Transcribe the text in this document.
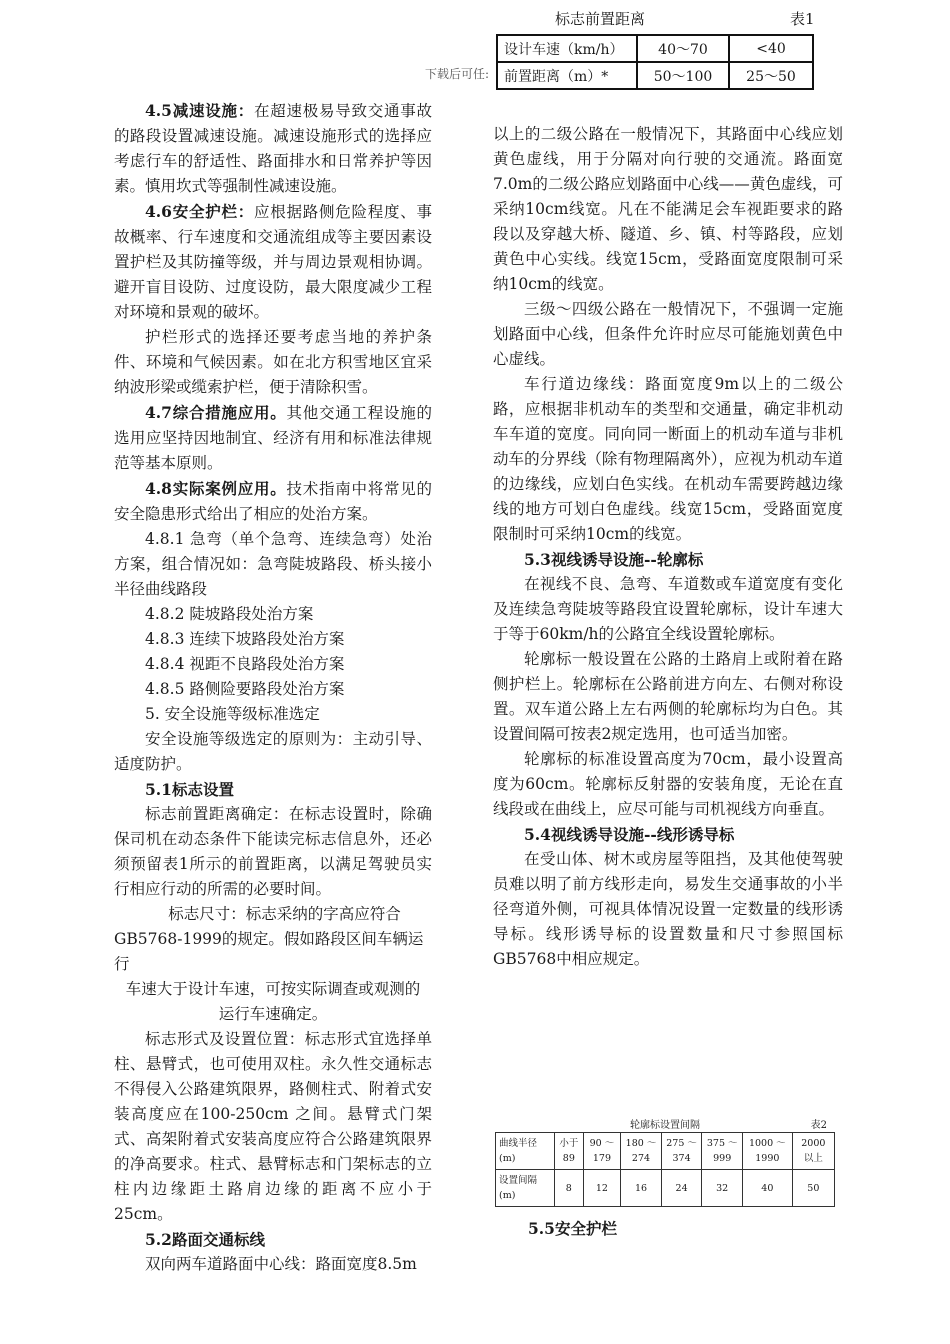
标志前置距离	表1
设计车速（km/h）	40～70	<40
前置距离（m）*	50～100	25～50
下载后可任:

4.5减速设施：在超速极易导致交通事故的路段设置减速设施。减速设施形式的选择应考虑行车的舒适性、路面排水和日常养护等因素。慎用坎式等强制性减速设施。

4.6安全护栏：应根据路侧危险程度、事故概率、行车速度和交通流组成等主要因素设置护栏及其防撞等级，并与周边景观相协调。避开盲目设防、过度设防，最大限度减少工程对环境和景观的破坏。

护栏形式的选择还要考虑当地的养护条件、环境和气候因素。如在北方积雪地区宜采纳波形梁或缆索护栏，便于清除积雪。

4.7综合措施应用。其他交通工程设施的选用应坚持因地制宜、经济有用和标准法律规范等基本原则。

4.8实际案例应用。技术指南中将常见的安全隐患形式给出了相应的处治方案。

4.8.1 急弯（单个急弯、连续急弯）处治方案，组合情况如：急弯陡坡路段、桥头接小半径曲线路段

4.8.2 陡坡路段处治方案

4.8.3 连续下坡路段处治方案

4.8.4 视距不良路段处治方案

4.8.5 路侧险要路段处治方案

5. 安全设施等级标准选定

安全设施等级选定的原则为：主动引导、适度防护。

5.1标志设置

标志前置距离确定：在标志设置时，除确保司机在动态条件下能读完标志信息外，还必须预留表1所示的前置距离，以满足驾驶员实行相应行动的所需的必要时间。

标志尺寸：标志采纳的字高应符合

GB5768-1999的规定。假如路段区间车辆运行

车速大于设计车速，可按实际调查或观测的

运行车速确定。

标志形式及设置位置：标志形式宜选择单柱、悬臂式，也可使用双柱。永久性交通标志不得侵入公路建筑限界，路侧柱式、附着式安装高度应在100-250cm 之间。悬臂式门架式、高架附着式安装高度应符合公路建筑限界的净高要求。柱式、悬臂标志和门架标志的立柱内边缘距土路肩边缘的距离不应小于25cm。

5.2路面交通标线

双向两车道路面中心线：路面宽度8.5m

以上的二级公路在一般情况下，其路面中心线应划黄色虚线，用于分隔对向行驶的交通流。路面宽7.0m的二级公路应划路面中心线——黄色虚线，可采纳10cm线宽。凡在不能满足会车视距要求的路段以及穿越大桥、隧道、乡、镇、村等路段，应划黄色中心实线。线宽15cm，受路面宽度限制可采纳10cm的线宽。

三级～四级公路在一般情况下，不强调一定施划路面中心线，但条件允许时应尽可能施划黄色中心虚线。

车行道边缘线：路面宽度9m以上的二级公路，应根据非机动车的类型和交通量，确定非机动车车道的宽度。同向同一断面上的机动车道与非机动车的分界线（除有物理隔离外），应视为机动车道的边缘线，应划白色实线。在机动车需要跨越边缘线的地方可划白色虚线。线宽15cm，受路面宽度限制时可采纳10cm的线宽。

5.3视线诱导设施--轮廓标

在视线不良、急弯、车道数或车道宽度有变化及连续急弯陡坡等路段宜设置轮廓标，设计车速大于等于60km/h的公路宜全线设置轮廓标。

轮廓标一般设置在公路的土路肩上或附着在路侧护栏上。轮廓标在公路前进方向左、右侧对称设置。双车道公路上左右两侧的轮廓标均为白色。其设置间隔可按表2规定选用，也可适当加密。

轮廓标的标准设置高度为70cm，最小设置高度为60cm。轮廓标反射器的安装角度，无论在直线段或在曲线上，应尽可能与司机视线方向垂直。

5.4视线诱导设施--线形诱导标

在受山体、树木或房屋等阻挡，及其他使驾驶员难以明了前方线形走向，易发生交通事故的小半径弯道外侧，可视具体情况设置一定数量的线形诱导标。线形诱导标的设置数量和尺寸参照国标GB5768中相应规定。

轮廓标设置间隔	表2
曲线半径(m)	小于89	90 ～179	180 ～274	275 ～374	375 ～999	1000 ～1990	2000 以上
设置间隔(m)	8	12	16	24	32	40	50
5.5安全护栏
